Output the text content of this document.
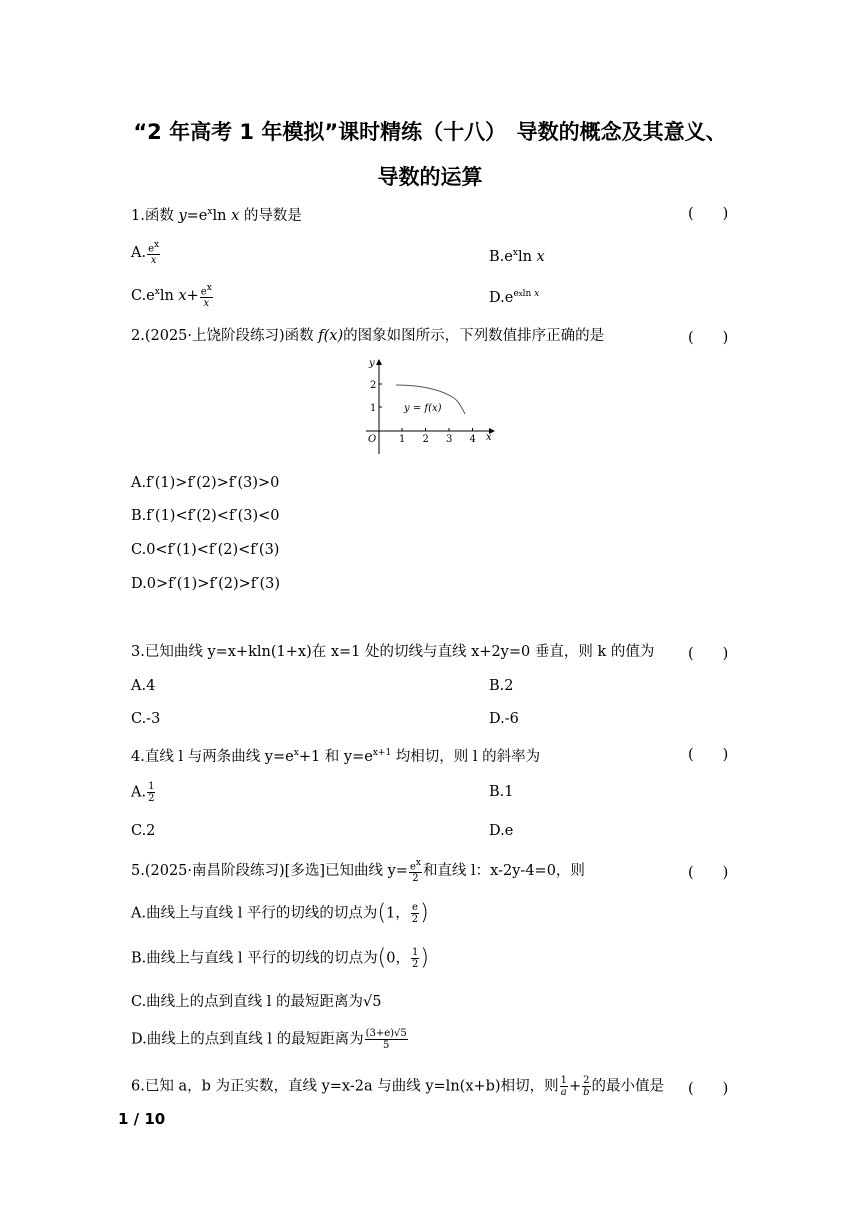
“2 年高考 1 年模拟”课时精练（十八）　导数的概念及其意义、
导数的运算
1.函数 $y=e^x\ln$ x 的导数是	(　　)
A. $\frac{ex}{x}$	$B.e^x\ln$ x
$C.e^x\ln$ $x+ \frac{ex}{x}$	$D.e^{exln x}$
2.(2025·上饶阶段练习)函数 f(x)的图象如图所示，下列数值排序正确的是	(　　)
y
x
O 1 2 3 4
1
2
y = f(x)
A.f′(1)>f′(2)>f′(3)>0
B.f′(1)<f′(2)<f′(3)<0
C.0<f′(1)<f′(2)<f′(3)
D.0>f′(1)>f′(2)>f′(3)
3.已知曲线 y=x+kln(1+x)在 x=1 处的切线与直线 x+2y=0 垂直，则 k 的值为 (　　)
A.4	B.2
C.-3	D.-6
4.直线 l 与两条曲线 $y=e^x+1$ 和 $y=e^{x+1}$ 均相切，则 l 的斜率为	(　　)
A. $\frac{1}{2}$	B.1
C.2	D.e
5.(2025·南昌阶段练习)[多选]已知曲线 $y= \frac{ex}{2}$ 和直线 l：x-2y-4=0，则	(　　)
A.曲线上与直线 l 平行的切线的切点为(1， $\frac{e}{2}$ )
B.曲线上与直线 l 平行的切线的切点为(0， $\frac{1}{2}$ )
C.曲线上的点到直线 l 的最短距离为√5
D.曲线上的点到直线 l 的最短距离为 $\frac{(3+e)√5}{5}$
6.已知 a，b 为正实数，直线 y=x-2a 与曲线 y=ln(x+b)相切，则 $\frac{1}{a} + \frac{2}{b}$ 的最小值是 (　　)
1 / 10
